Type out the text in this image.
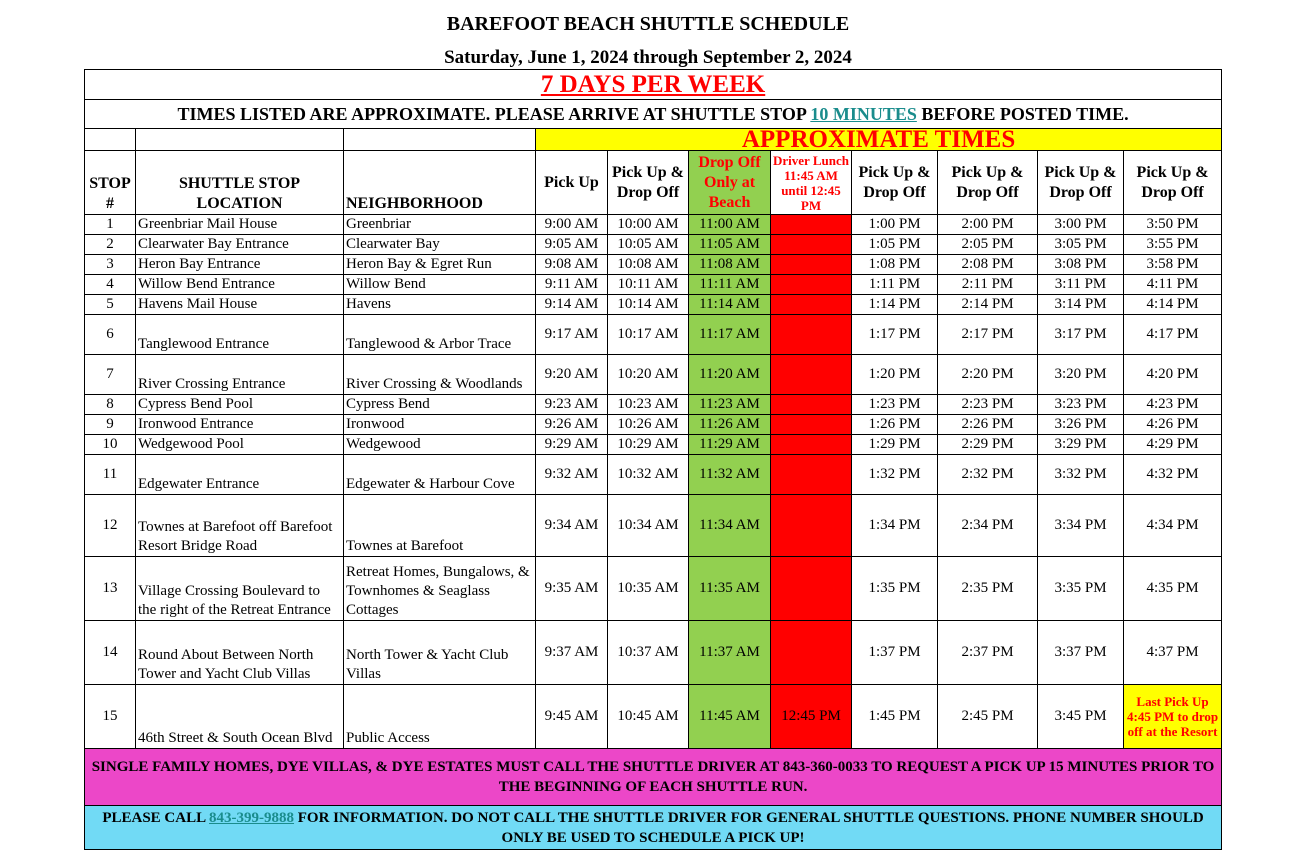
BAREFOOT BEACH SHUTTLE SCHEDULE
Saturday, June 1, 2024 through September 2, 2024
7 DAYS PER WEEK										
TIMES LISTED ARE APPROXIMATE. PLEASE ARRIVE AT SHUTTLE STOP 10 MINUTES BEFORE POSTED TIME.										
			APPROXIMATE TIMES							
STOP #	SHUTTLE STOP LOCATION	NEIGHBORHOOD	Pick Up	Pick Up & Drop Off	Drop Off Only at Beach	Driver Lunch 11:45 AM until 12:45 PM	Pick Up & Drop Off	Pick Up & Drop Off	Pick Up & Drop Off	Pick Up & Drop Off
1	Greenbriar Mail House	Greenbriar	9:00 AM	10:00 AM	11:00 AM		1:00 PM	2:00 PM	3:00 PM	3:50 PM
2	Clearwater Bay Entrance	Clearwater Bay	9:05 AM	10:05 AM	11:05 AM		1:05 PM	2:05 PM	3:05 PM	3:55 PM
3	Heron Bay Entrance	Heron Bay & Egret Run	9:08 AM	10:08 AM	11:08 AM		1:08 PM	2:08 PM	3:08 PM	3:58 PM
4	Willow Bend Entrance	Willow Bend	9:11 AM	10:11 AM	11:11 AM		1:11 PM	2:11 PM	3:11 PM	4:11 PM
5	Havens Mail House	Havens	9:14 AM	10:14 AM	11:14 AM		1:14 PM	2:14 PM	3:14 PM	4:14 PM
6	Tanglewood Entrance	Tanglewood & Arbor Trace	9:17 AM	10:17 AM	11:17 AM		1:17 PM	2:17 PM	3:17 PM	4:17 PM
7	River Crossing Entrance	River Crossing & Woodlands	9:20 AM	10:20 AM	11:20 AM		1:20 PM	2:20 PM	3:20 PM	4:20 PM
8	Cypress Bend Pool	Cypress Bend	9:23 AM	10:23 AM	11:23 AM		1:23 PM	2:23 PM	3:23 PM	4:23 PM
9	Ironwood Entrance	Ironwood	9:26 AM	10:26 AM	11:26 AM		1:26 PM	2:26 PM	3:26 PM	4:26 PM
10	Wedgewood Pool	Wedgewood	9:29 AM	10:29 AM	11:29 AM		1:29 PM	2:29 PM	3:29 PM	4:29 PM
11	Edgewater Entrance	Edgewater & Harbour Cove	9:32 AM	10:32 AM	11:32 AM		1:32 PM	2:32 PM	3:32 PM	4:32 PM
12	Townes at Barefoot off Barefoot Resort Bridge Road	Townes at Barefoot	9:34 AM	10:34 AM	11:34 AM		1:34 PM	2:34 PM	3:34 PM	4:34 PM
13	Village Crossing Boulevard to the right of the Retreat Entrance	Retreat Homes, Bungalows, & Townhomes & Seaglass Cottages	9:35 AM	10:35 AM	11:35 AM		1:35 PM	2:35 PM	3:35 PM	4:35 PM
14	Round About Between North Tower and Yacht Club Villas	North Tower & Yacht Club Villas	9:37 AM	10:37 AM	11:37 AM		1:37 PM	2:37 PM	3:37 PM	4:37 PM
15	46th Street & South Ocean Blvd	Public Access	9:45 AM	10:45 AM	11:45 AM	12:45 PM	1:45 PM	2:45 PM	3:45 PM	Last Pick Up 4:45 PM to drop off at the Resort
SINGLE FAMILY HOMES, DYE VILLAS, & DYE ESTATES MUST CALL THE SHUTTLE DRIVER AT 843-360-0033 TO REQUEST A PICK UP 15 MINUTES PRIOR TO THE BEGINNING OF EACH SHUTTLE RUN.										
PLEASE CALL 843-399-9888 FOR INFORMATION. DO NOT CALL THE SHUTTLE DRIVER FOR GENERAL SHUTTLE QUESTIONS. PHONE NUMBER SHOULD ONLY BE USED TO SCHEDULE A PICK UP!										
